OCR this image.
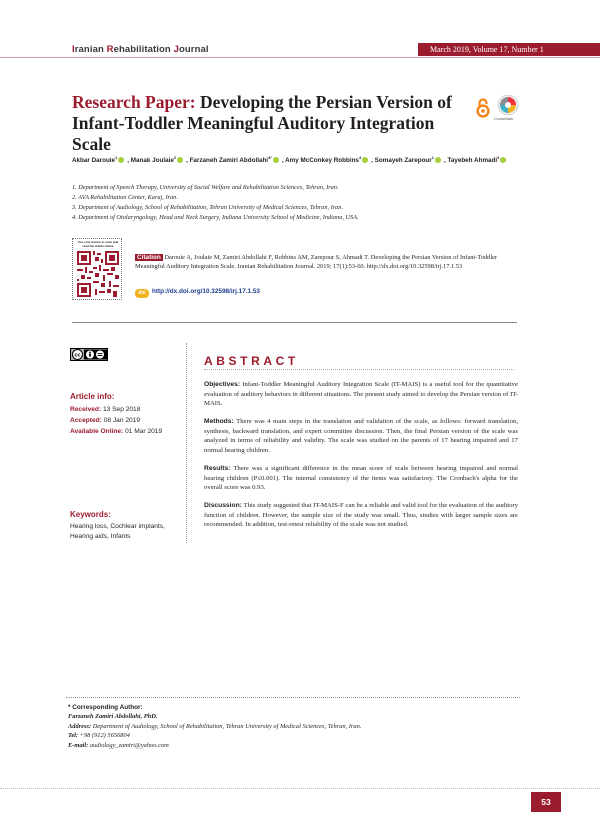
Iranian Rehabilitation Journal	March 2019, Volume 17, Number 1
Research Paper: Developing the Persian Version of Infant-Toddler Meaningful Auditory Integration Scale
CrossMark
Akbar Darouie$^1$ , Manak Joulaie$^2$ , Farzaneh Zamiri Abdollahi$^{3*}$ , Amy McConkey Robbins$^4$ , Somayeh Zarepour$^1$ , Tayebeh Ahmadi$^3$
1. Department of Speech Therapy, University of Social Welfare and Rehabilitation Sciences, Tehran, Iran.
2. AVA Rehabilitation Center, Karaj, Iran.
3. Department of Audiology, School of Rehabilitation, Tehran University of Medical Sciences, Tehran, Iran.
4. Department of Otolaryngology, Head and Neck Surgery, Indiana University School of Medicine, Indiana, USA.
Use your device to scan and read the article online
Citation Darouie A, Joulaie M, Zamiri Abdollahi F, Robbins AM, Zarepour S, Ahmadi T. Developing the Persian Version of Infant-Toddler Meaningful Auditory Integration Scale. Iranian Rehabilitation Journal. 2019; 17(1):53-60. http://dx.doi.org/10.32598/irj.17.1.53
doi http://dx.doi.org/10.32598/irj.17.1.53
cc
Article info:
Received: 13 Sep 2018
Accepted: 08 Jan 2019
Available Online: 01 Mar 2019
Keywords:
Hearing loss, Cochlear implants, Hearing aids, Infants
ABSTRACT
Objectives: Infant-Toddler Meaningful Auditory Integration Scale (IT-MAIS) is a useful tool for the quantitative evaluation of auditory behaviors in different situations. The present study aimed to develop the Persian version of IT-MAIS.
Methods: There was 4 main steps in the translation and validation of the scale, as follows: forward translation, synthesis, backward translation, and expert committee discussion. Then, the final Persian version of the scale was analyzed in terms of reliability and validity. The scale was studied on the parents of 17 hearing impaired and 17 normal hearing children.
Results: There was a significant difference in the mean score of scale between hearing impaired and normal hearing children (P≤0.001). The internal consistency of the items was satisfactory. The Cronbach's alpha for the overall score was 0.93.
Discussion: This study suggested that IT-MAIS-F can be a reliable and valid tool for the evaluation of the auditory function of children. However, the sample size of the study was small. Thus, studies with larger sample sizes are recommended. In addition, test-retest reliability of the scale was not studied.
* Corresponding Author:
Farzaneh Zamiri Abdollahi, PhD.
Address: Department of Audiology, School of Rehabilitation, Tehran University of Medical Sciences, Tehran, Iran.
Tel: +98 (912) 5656804
E-mail: audiology_zamiri@yahoo.com
53
